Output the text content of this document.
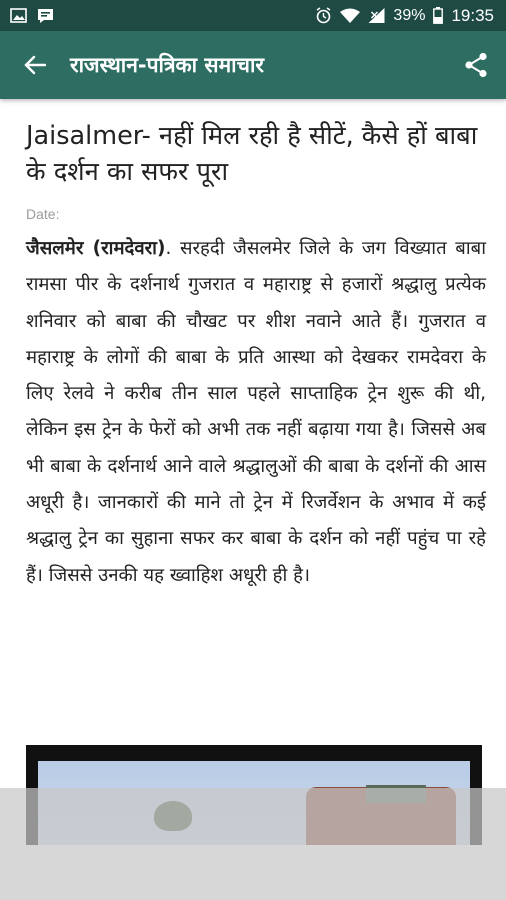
39% 19:35
राजस्थान-पत्रिका समाचार
Jaisalmer- नहीं मिल रही है सीटें, कैसे हों बाबा के दर्शन का सफर पूरा
Date:

जैसलमेर (रामदेवरा). सरहदी जैसलमेर जिले के जग विख्यात बाबा रामसा पीर के दर्शनार्थ गुजरात व महाराष्ट्र से हजारों श्रद्धालु प्रत्येक शनिवार को बाबा की चौखट पर शीश नवाने आते हैं। गुजरात व महाराष्ट्र के लोगों की बाबा के प्रति आस्था को देखकर रामदेवरा के लिए रेलवे ने करीब तीन साल पहले साप्ताहिक ट्रेन शुरू की थी, लेकिन इस ट्रेन के फेरों को अभी तक नहीं बढ़ाया गया है। जिससे अब भी बाबा के दर्शनार्थ आने वाले श्रद्धालुओं की बाबा के दर्शनों की आस अधूरी है। जानकारों की माने तो ट्रेन में रिजर्वेशन के अभाव में कई श्रद्धालु ट्रेन का सुहाना सफर कर बाबा के दर्शन को नहीं पहुंच पा रहे हैं। जिससे उनकी यह ख्वाहिश अधूरी ही है।
